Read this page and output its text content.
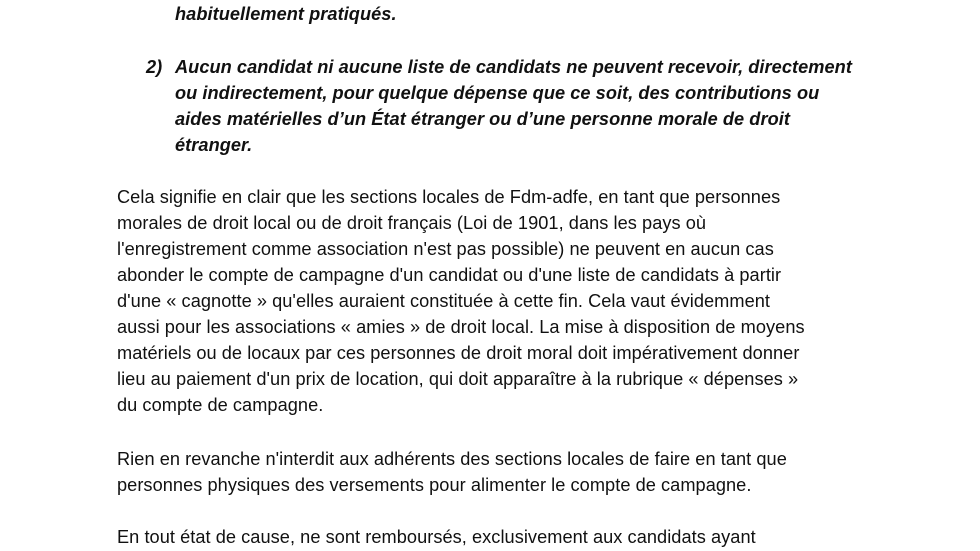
habituellement pratiqués.
2) Aucun candidat ni aucune liste de candidats ne peuvent recevoir, directement
ou indirectement, pour quelque dépense que ce soit, des contributions ou
aides matérielles d’un État étranger ou d’une personne morale de droit
étranger.
Cela signifie en clair que les sections locales de Fdm-adfe, en tant que personnes
morales de droit local ou de droit français (Loi de 1901, dans les pays où
l'enregistrement comme association n'est pas possible) ne peuvent en aucun cas
abonder le compte de campagne d'un candidat ou d'une liste de candidats à partir
d'une « cagnotte » qu'elles auraient constituée à cette fin. Cela vaut évidemment
aussi pour les associations « amies » de droit local. La mise à disposition de moyens
matériels ou de locaux par ces personnes de droit moral doit impérativement donner
lieu au paiement d'un prix de location, qui doit apparaître à la rubrique « dépenses »
du compte de campagne.
Rien en revanche n'interdit aux adhérents des sections locales de faire en tant que
personnes physiques des versements pour alimenter le compte de campagne.
En tout état de cause, ne sont remboursés, exclusivement aux candidats ayant
